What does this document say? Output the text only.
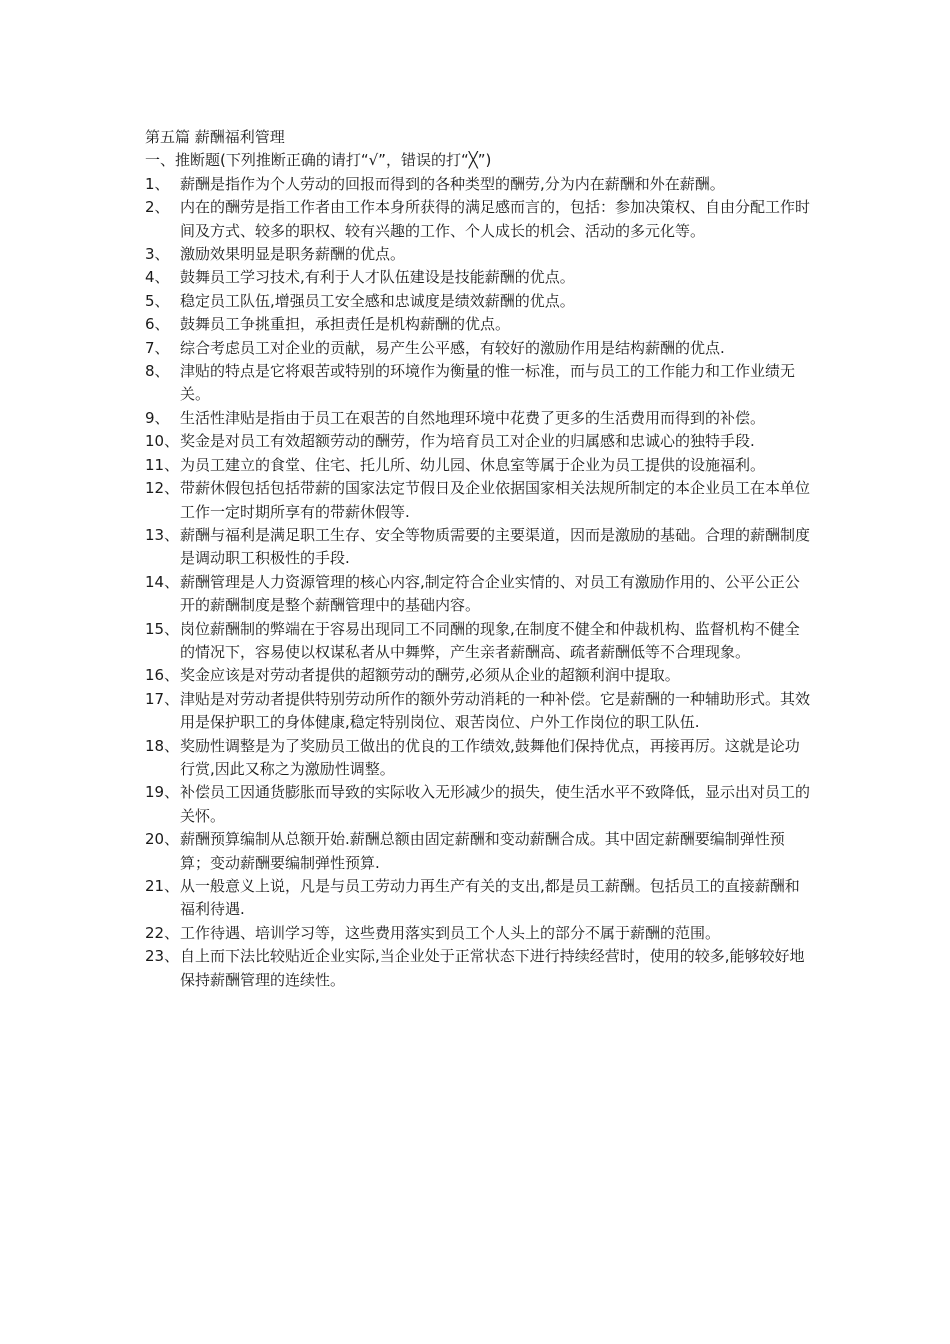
第五篇 薪酬福利管理

一、推断题(下列推断正确的请打“√”，错误的打“╳”)

1、 薪酬是指作为个人劳动的回报而得到的各种类型的酬劳,分为内在薪酬和外在薪酬。
2、 内在的酬劳是指工作者由工作本身所获得的满足感而言的，包括：参加决策权、自由分配工作时间及方式、较多的职权、较有兴趣的工作、个人成长的机会、活动的多元化等。
3、 激励效果明显是职务薪酬的优点。
4、 鼓舞员工学习技术,有利于人才队伍建设是技能薪酬的优点。
5、 稳定员工队伍,增强员工安全感和忠诚度是绩效薪酬的优点。
6、 鼓舞员工争挑重担，承担责任是机构薪酬的优点。
7、 综合考虑员工对企业的贡献，易产生公平感，有较好的激励作用是结构薪酬的优点.
8、 津贴的特点是它将艰苦或特别的环境作为衡量的惟一标准，而与员工的工作能力和工作业绩无关。
9、 生活性津贴是指由于员工在艰苦的自然地理环境中花费了更多的生活费用而得到的补偿。
10、 奖金是对员工有效超额劳动的酬劳，作为培育员工对企业的归属感和忠诚心的独特手段.
11、 为员工建立的食堂、住宅、托儿所、幼儿园、休息室等属于企业为员工提供的设施福利。
12、 带薪休假包括包括带薪的国家法定节假日及企业依据国家相关法规所制定的本企业员工在本单位工作一定时期所享有的带薪休假等.
13、 薪酬与福利是满足职工生存、安全等物质需要的主要渠道，因而是激励的基础。合理的薪酬制度是调动职工积极性的手段.
14、 薪酬管理是人力资源管理的核心内容,制定符合企业实情的、对员工有激励作用的、公平公正公开的薪酬制度是整个薪酬管理中的基础内容。
15、 岗位薪酬制的弊端在于容易出现同工不同酬的现象,在制度不健全和仲裁机构、监督机构不健全的情况下，容易使以权谋私者从中舞弊，产生亲者薪酬高、疏者薪酬低等不合理现象。
16、 奖金应该是对劳动者提供的超额劳动的酬劳,必须从企业的超额利润中提取。
17、 津贴是对劳动者提供特别劳动所作的额外劳动消耗的一种补偿。它是薪酬的一种辅助形式。其效用是保护职工的身体健康,稳定特别岗位、艰苦岗位、户外工作岗位的职工队伍.
18、 奖励性调整是为了奖励员工做出的优良的工作绩效,鼓舞他们保持优点，再接再厉。这就是论功行赏,因此又称之为激励性调整。
19、 补偿员工因通货膨胀而导致的实际收入无形减少的损失，使生活水平不致降低，显示出对员工的关怀。
20、 薪酬预算编制从总额开始.薪酬总额由固定薪酬和变动薪酬合成。其中固定薪酬要编制弹性预算；变动薪酬要编制弹性预算.
21、 从一般意义上说，凡是与员工劳动力再生产有关的支出,都是员工薪酬。包括员工的直接薪酬和福利待遇.
22、 工作待遇、培训学习等，这些费用落实到员工个人头上的部分不属于薪酬的范围。
23、 自上而下法比较贴近企业实际,当企业处于正常状态下进行持续经营时，使用的较多,能够较好地保持薪酬管理的连续性。
